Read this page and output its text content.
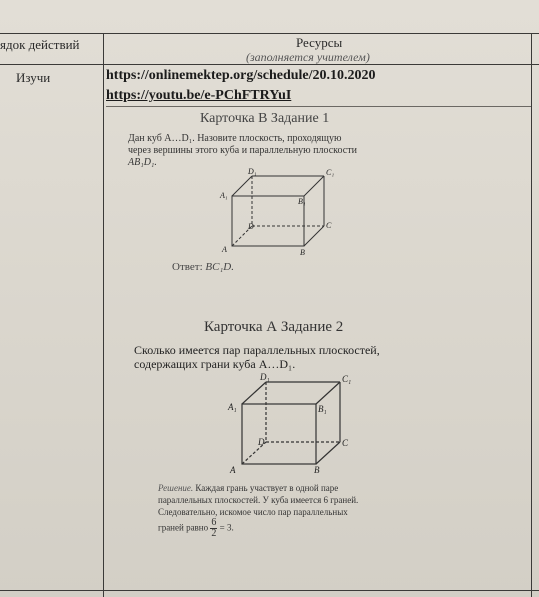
ядок действий	Ресурсы
(заполняется учителем)
Изучи	https://onlinemektep.org/schedule/20.10.2020
https://youtu.be/e-PChFTRYuI
Карточка В Задание 1
Дан куб A…D₁. Назовите плоскость, проходящую
через вершины этого куба и параллельную плоскости
AB₁D₁.
D₁	C₁
A₁
B₁
D	C
A	B
Ответ: BC₁D.
Карточка А Задание 2
Сколько имеется пар параллельных плоскостей,
содержащих грани куба A…D₁.
D₁	C₁
A₁	B₁
D	C
A	B
Решение. Каждая грань участвует в одной паре
параллельных плоскостей. У куба имеется 6 граней.
Следовательно, искомое число пар параллельных
граней равно $\frac{6}{2} = 3$.
